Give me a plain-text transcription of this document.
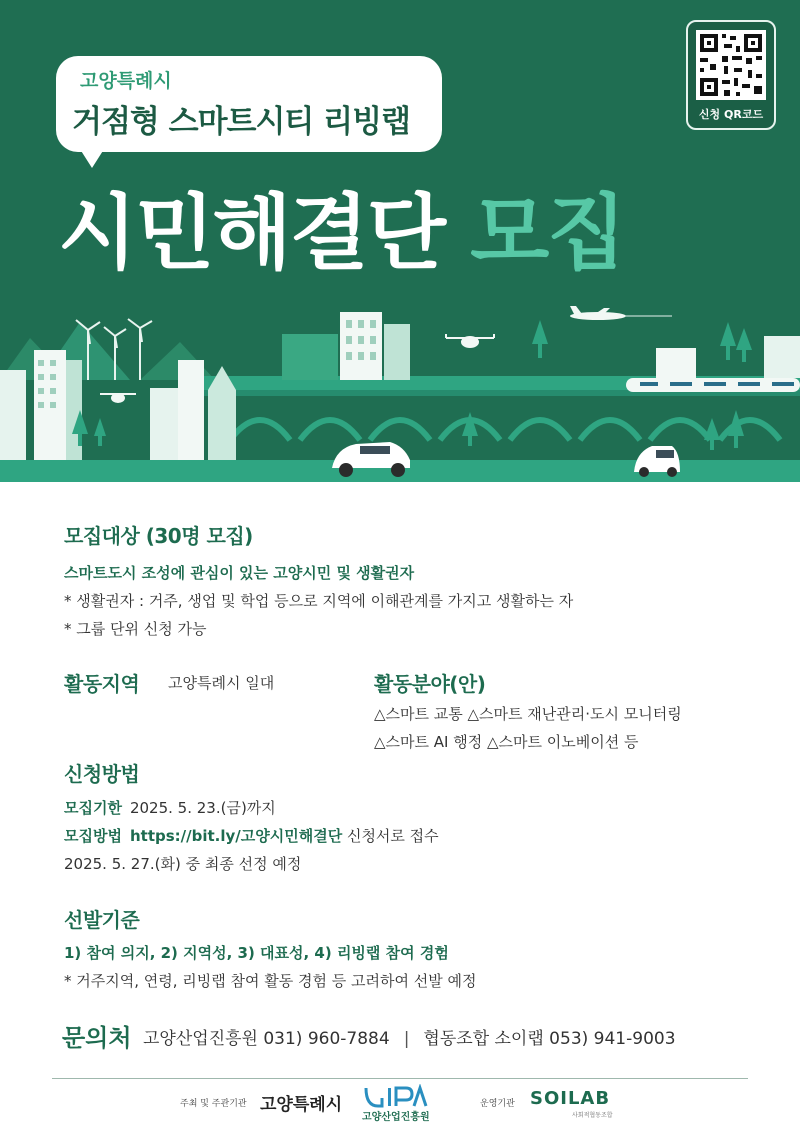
고양특례시
거점형 스마트시티 리빙랩
시민해결단 모집
신청 QR코드
모집대상 (30명 모집)
스마트도시 조성에 관심이 있는 고양시민 및 생활권자
* 생활권자 : 거주, 생업 및 학업 등으로 지역에 이해관계를 가지고 생활하는 자
* 그룹 단위 신청 가능
활동지역 고양특례시 일대	활동분야(안)
△스마트 교통 △스마트 재난관리·도시 모니터링
△스마트 AI 행정 △스마트 이노베이션 등
신청방법
모집기한 2025. 5. 23.(금)까지
모집방법 https://bit.ly/고양시민해결단 신청서로 접수
2025. 5. 27.(화) 중 최종 선정 예정
선발기준
1) 참여 의지, 2) 지역성, 3) 대표성, 4) 리빙랩 참여 경험
* 거주지역, 연령, 리빙랩 참여 활동 경험 등 고려하여 선발 예정
문의처 고양산업진흥원 031) 960-7884 | 협동조합 소이랩 053) 941-9003
주최 및 주관기관 고양특례시
고양산업진흥원
운영기관 SOILAB
사회적협동조합
